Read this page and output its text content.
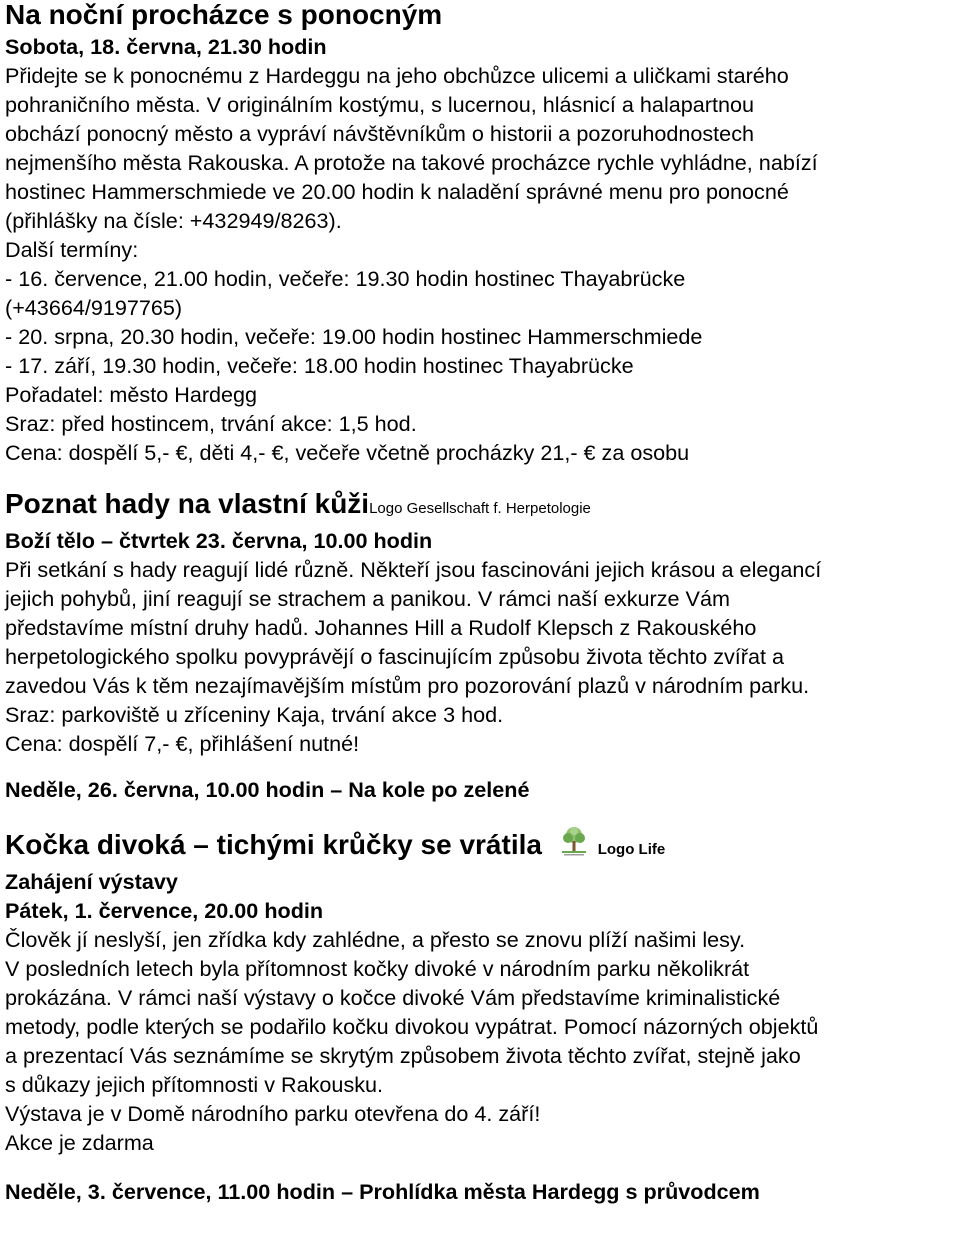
Na noční procházce s ponocným
Sobota, 18. června, 21.30 hodin
Přidejte se k ponocnému z Hardeggu na jeho obchůzce ulicemi a uličkami starého
pohraničního města. V originálním kostýmu, s lucernou, hlásnicí a halapartnou
obchází ponocný město a vypráví návštěvníkům o historii a pozoruhodnostech
nejmenšího města Rakouska. A protože na takové procházce rychle vyhládne, nabízí
hostinec Hammerschmiede ve 20.00 hodin k naladění správné menu pro ponocné
(přihlášky na čísle: +432949/8263).
Další termíny:
- 16. července, 21.00 hodin, večeře: 19.30 hodin hostinec Thayabrücke
(+43664/9197765)
- 20. srpna, 20.30 hodin, večeře: 19.00 hodin hostinec Hammerschmiede
- 17. září, 19.30 hodin, večeře: 18.00 hodin hostinec Thayabrücke
Pořadatel: město Hardegg
Sraz: před hostincem, trvání akce: 1,5 hod.
Cena: dospělí 5,- €, děti 4,- €, večeře včetně procházky 21,- € za osobu
Poznat hady na vlastní kůžiLogo Gesellschaft f. Herpetologie
Boží tělo – čtvrtek 23. června, 10.00 hodin
Při setkání s hady reagují lidé různě. Někteří jsou fascinováni jejich krásou a elegancí
jejich pohybů, jiní reagují se strachem a panikou. V rámci naší exkurze Vám
představíme místní druhy hadů. Johannes Hill a Rudolf Klepsch z Rakouského
herpetologického spolku povyprávějí o fascinujícím způsobu života těchto zvířat a
zavedou Vás k těm nezajímavějším místům pro pozorování plazů v národním parku.
Sraz: parkoviště u zříceniny Kaja, trvání akce 3 hod.
Cena: dospělí 7,- €, přihlášení nutné!
Neděle, 26. června, 10.00 hodin – Na kole po zelené
Kočka divoká – tichými krůčky se vrátila	Logo Life
Zahájení výstavy
Pátek, 1. července, 20.00 hodin
Člověk jí neslyší, jen zřídka kdy zahlédne, a přesto se znovu plíží našimi lesy.
V posledních letech byla přítomnost kočky divoké v národním parku několikrát
prokázána. V rámci naší výstavy o kočce divoké Vám představíme kriminalistické
metody, podle kterých se podařilo kočku divokou vypátrat. Pomocí názorných objektů
a prezentací Vás seznámíme se skrytým způsobem života těchto zvířat, stejně jako
s důkazy jejich přítomnosti v Rakousku.
Výstava je v Domě národního parku otevřena do 4. září!
Akce je zdarma
Neděle, 3. července, 11.00 hodin – Prohlídka města Hardegg s průvodcem
